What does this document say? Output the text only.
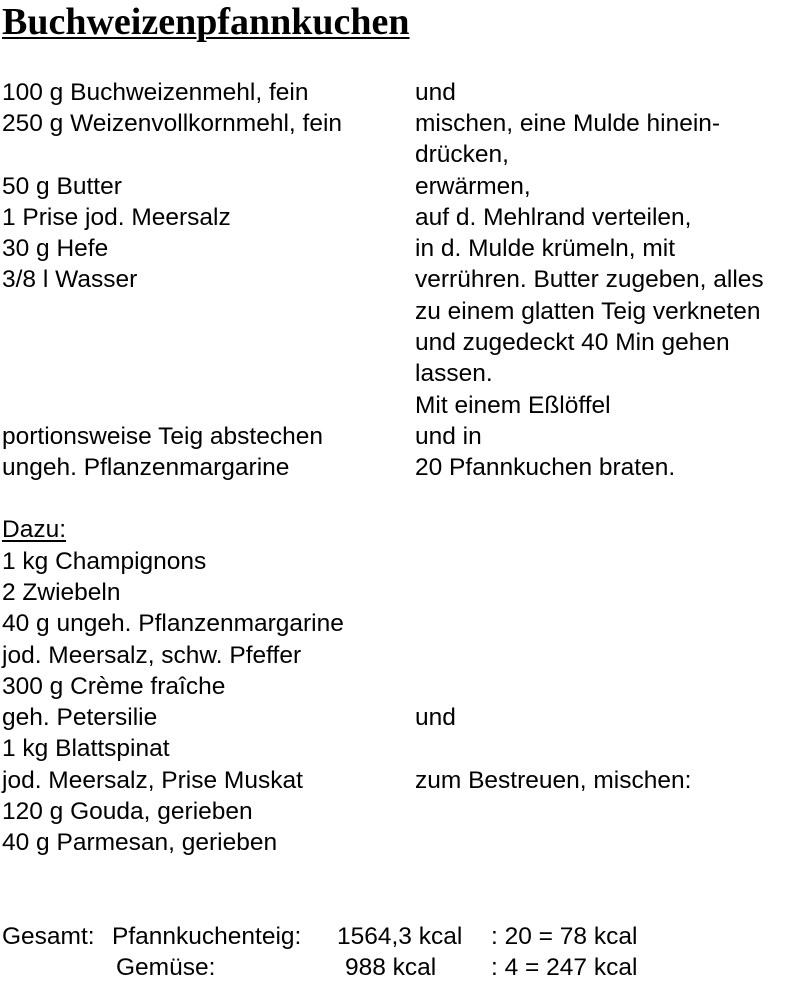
Buchweizenpfannkuchen
100 g Buchweizenmehl, fein	und
250 g Weizenvollkornmehl, fein	mischen, eine Mulde hinein-
drücken,
50 g Butter	erwärmen,
1 Prise jod. Meersalz	auf d. Mehlrand verteilen,
30 g Hefe	in d. Mulde krümeln, mit
3/8 l Wasser	verrühren. Butter zugeben, alles
zu einem glatten Teig verkneten
und zugedeckt 40 Min gehen
lassen.
Mit einem Eßlöffel
portionsweise Teig abstechen	und in
ungeh. Pflanzenmargarine	20 Pfannkuchen braten.
Dazu:
1 kg Champignons
2 Zwiebeln
40 g ungeh. Pflanzenmargarine
jod. Meersalz, schw. Pfeffer
300 g Crème fraîche
geh. Petersilie	und
1 kg Blattspinat
jod. Meersalz, Prise Muskat	zum Bestreuen, mischen:
120 g Gouda, gerieben
40 g Parmesan, gerieben
Gesamt: Pfannkuchenteig: 1564,3 kcal : 20 = 78 kcal
Gemüse:	988 kcal : 4 = 247 kcal
